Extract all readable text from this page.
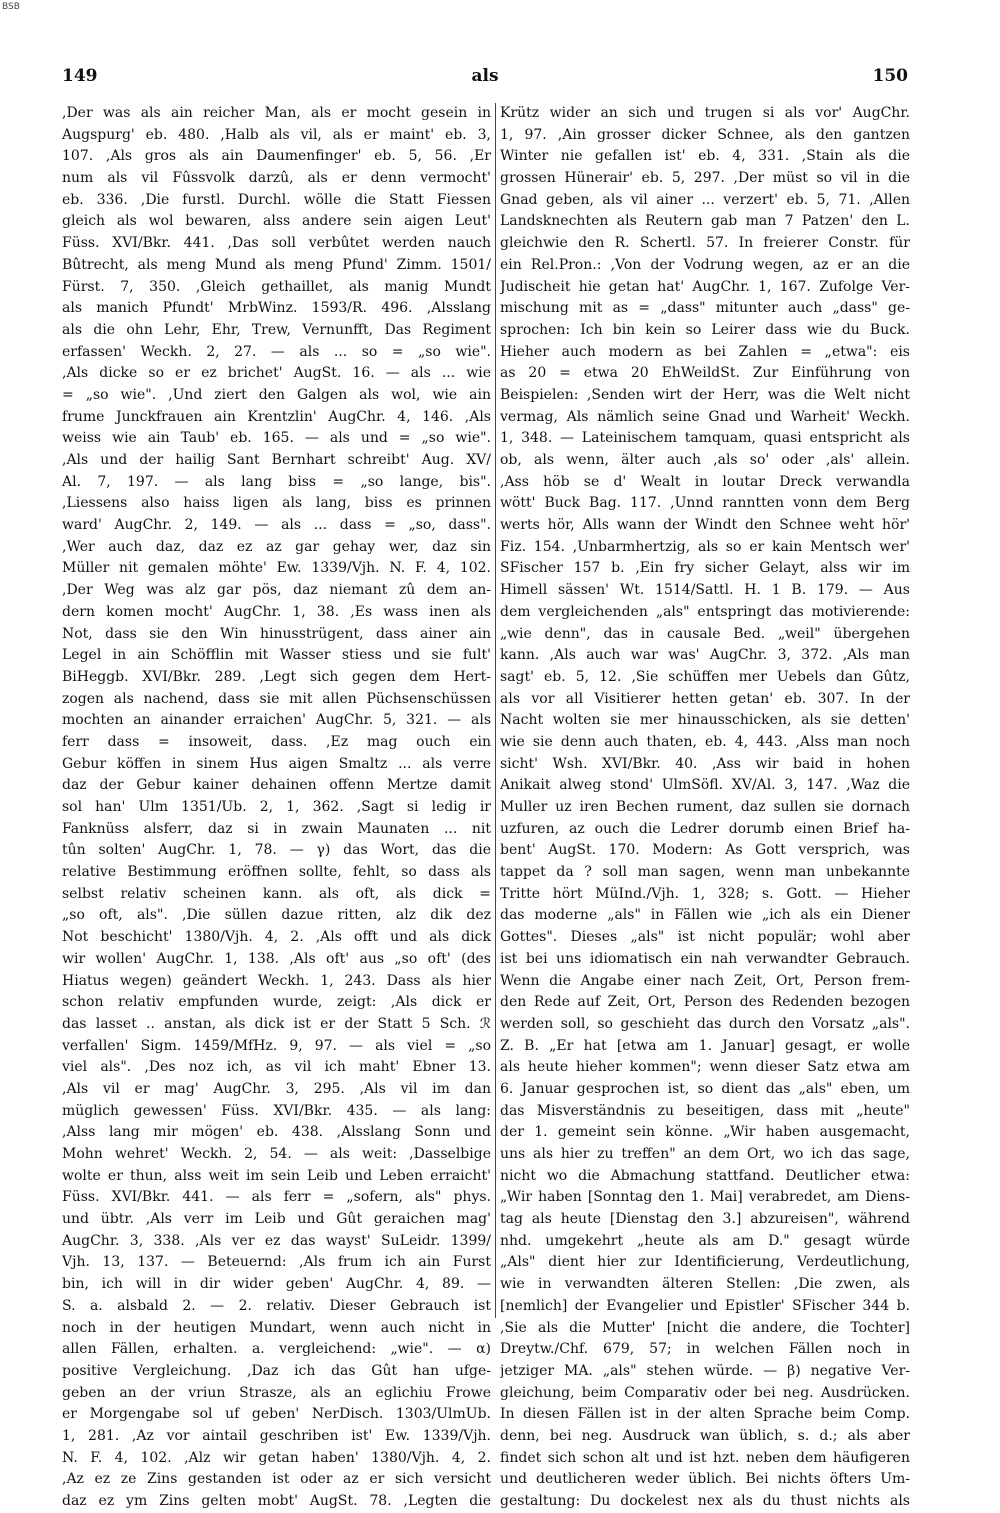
BSB
149	als	150
,Der was als ain reicher Man, als er mocht gesein in
Augspurg' eb. 480. ,Halb als vil, als er maint' eb. 3,
107. ,Als gros als ain Daumenfinger' eb. 5, 56. ,Er
num als vil Fûssvolk darzû, als er denn vermocht'
eb. 336. ,Die furstl. Durchl. wölle die Statt Fiessen
gleich als wol bewaren, alss andere sein aigen Leut'
Füss. XVI/Bkr. 441. ,Das soll verbûtet werden nauch
Bûtrecht, als meng Mund als meng Pfund' Zimm. 1501/
Fürst. 7, 350. ,Gleich gethaillet, als manig Mundt
als manich Pfundt' MrbWinz. 1593/R. 496. ,Alsslang
als die ohn Lehr, Ehr, Trew, Vernunfft, Das Regiment
erfassen' Weckh. 2, 27. — als ... so = „so wie".
,Als dicke so er ez brichet' AugSt. 16. — als ... wie
= „so wie". ,Und ziert den Galgen als wol, wie ain
frume Junckfrauen ain Krentzlin' AugChr. 4, 146. ,Als
weiss wie ain Taub' eb. 165. — als und = „so wie".
,Als und der hailig Sant Bernhart schreibt' Aug. XV/
Al. 7, 197. — als lang biss = „so lange, bis".
,Liessens also haiss ligen als lang, biss es prinnen
ward' AugChr. 2, 149. — als ... dass = „so, dass".
,Wer auch daz, daz ez az gar gehay wer, daz sin
Müller nit gemalen möhte' Ew. 1339/Vjh. N. F. 4, 102.
,Der Weg was alz gar pös, daz niemant zû dem an-
dern komen mocht' AugChr. 1, 38. ,Es wass inen als
Not, dass sie den Win hinusstrügent, dass ainer ain
Legel in ain Schöfflin mit Wasser stiess und sie fult'
BiHeggb. XVI/Bkr. 289. ,Legt sich gegen dem Hert-
zogen als nachend, dass sie mit allen Püchsenschüssen
mochten an ainander erraichen' AugChr. 5, 321. — als
ferr dass = insoweit, dass. ,Ez mag ouch ein
Gebur köffen in sinem Hus aigen Smaltz ... als verre
daz der Gebur kainer dehainen offenn Mertze damit
sol han' Ulm 1351/Ub. 2, 1, 362. ,Sagt si ledig ir
Fanknüss alsferr, daz si in zwain Maunaten ... nit
tûn solten' AugChr. 1, 78. — γ) das Wort, das die
relative Bestimmung eröffnen sollte, fehlt, so dass als
selbst relativ scheinen kann. als oft, als dick =
„so oft, als". ,Die süllen dazue ritten, alz dik dez
Not beschicht' 1380/Vjh. 4, 2. ,Als offt und als dick
wir wollen' AugChr. 1, 138. ,Als oft' aus „so oft' (des
Hiatus wegen) geändert Weckh. 1, 243. Dass als hier
schon relativ empfunden wurde, zeigt: ,Als dick er
das lasset .. anstan, als dick ist er der Statt 5 Sch. ℛ
verfallen' Sigm. 1459/MfHz. 9, 97. — als viel = „so
viel als". ,Des noz ich, as vil ich maht' Ebner 13.
,Als vil er mag' AugChr. 3, 295. ,Als vil im dan
müglich gewessen' Füss. XVI/Bkr. 435. — als lang:
,Alss lang mir mögen' eb. 438. ,Alsslang Sonn und
Mohn wehret' Weckh. 2, 54. — als weit: ,Dasselbige
wolte er thun, alss weit im sein Leib und Leben erraicht'
Füss. XVI/Bkr. 441. — als ferr = „sofern, als" phys.
und übtr. ,Als verr im Leib und Gût geraichen mag'
AugChr. 3, 338. ,Als ver ez das wayst' SuLeidr. 1399/
Vjh. 13, 137. — Beteuernd: ,Als frum ich ain Furst
bin, ich will in dir wider geben' AugChr. 4, 89. —
S. a. alsbald 2. — 2. relativ. Dieser Gebrauch ist
noch in der heutigen Mundart, wenn auch nicht in
allen Fällen, erhalten. a. vergleichend: „wie". — α)
positive Vergleichung. ,Daz ich das Gût han ufge-
geben an der vriun Strasze, als an eglichiu Frowe
er Morgengabe sol uf geben' NerDisch. 1303/UlmUb.
1, 281. ,Az vor aintail geschriben ist' Ew. 1339/Vjh.
N. F. 4, 102. ,Alz wir getan haben' 1380/Vjh. 4, 2.
,Az ez ze Zins gestanden ist oder az er sich versicht
daz ez ym Zins gelten mobt' AugSt. 78. ,Legten die
Krütz wider an sich und trugen si als vor' AugChr.
1, 97. ,Ain grosser dicker Schnee, als den gantzen
Winter nie gefallen ist' eb. 4, 331. ,Stain als die
grossen Hünerair' eb. 5, 297. ,Der müst so vil in die
Gnad geben, als vil ainer ... verzert' eb. 5, 71. ,Allen
Landsknechten als Reutern gab man 7 Patzen' den L.
gleichwie den R. Schertl. 57. In freierer Constr. für
ein Rel.Pron.: ,Von der Vodrung wegen, az er an die
Judischeit hie getan hat' AugChr. 1, 167. Zufolge Ver-
mischung mit as = „dass" mitunter auch „dass" ge-
sprochen: Ich bin kein so Leirer dass wie du Buck.
Hieher auch modern as bei Zahlen = „etwa": eis
as 20 = etwa 20 EhWeildSt. Zur Einführung von
Beispielen: ,Senden wirt der Herr, was die Welt nicht
vermag, Als nämlich seine Gnad und Warheit' Weckh.
1, 348. — Lateinischem tamquam, quasi entspricht als
ob, als wenn, älter auch ,als so' oder ,als' allein.
,Ass höb se d' Wealt in loutar Dreck verwandla
wött' Buck Bag. 117. ,Unnd ranntten vonn dem Berg
werts hör, Alls wann der Windt den Schnee weht hör'
Fiz. 154. ,Unbarmhertzig, als so er kain Mentsch wer'
SFischer 157 b. ,Ein fry sicher Gelayt, alss wir im
Himell sässen' Wt. 1514/Sattl. H. 1 B. 179. — Aus
dem vergleichenden „als" entspringt das motivierende:
„wie denn", das in causale Bed. „weil" übergehen
kann. ,Als auch war was' AugChr. 3, 372. ,Als man
sagt' eb. 5, 12. ,Sie schüffen mer Uebels dan Gûtz,
als vor all Visitierer hetten getan' eb. 307. In der
Nacht wolten sie mer hinausschicken, als sie detten'
wie sie denn auch thaten, eb. 4, 443. ,Alss man noch
sicht' Wsh. XVI/Bkr. 40. ,Ass wir baid in hohen
Anikait alweg stond' UlmSöfl. XV/Al. 3, 147. ,Waz die
Muller uz iren Bechen rument, daz sullen sie dornach
uzfuren, az ouch die Ledrer dorumb einen Brief ha-
bent' AugSt. 170. Modern: As Gott versprich, was
tappet da ? soll man sagen, wenn man unbekannte
Tritte hört MüInd./Vjh. 1, 328; s. Gott. — Hieher
das moderne „als" in Fällen wie „ich als ein Diener
Gottes". Dieses „als" ist nicht populär; wohl aber
ist bei uns idiomatisch ein nah verwandter Gebrauch.
Wenn die Angabe einer nach Zeit, Ort, Person frem-
den Rede auf Zeit, Ort, Person des Redenden bezogen
werden soll, so geschieht das durch den Vorsatz „als".
Z. B. „Er hat [etwa am 1. Januar] gesagt, er wolle
als heute hieher kommen"; wenn dieser Satz etwa am
6. Januar gesprochen ist, so dient das „als" eben, um
das Misverständnis zu beseitigen, dass mit „heute"
der 1. gemeint sein könne. „Wir haben ausgemacht,
uns als hier zu treffen" an dem Ort, wo ich das sage,
nicht wo die Abmachung stattfand. Deutlicher etwa:
„Wir haben [Sonntag den 1. Mai] verabredet, am Diens-
tag als heute [Dienstag den 3.] abzureisen", während
nhd. umgekehrt „heute als am D." gesagt würde
„Als" dient hier zur Identificierung, Verdeutlichung,
wie in verwandten älteren Stellen: ,Die zwen, als
[nemlich] der Evangelier und Epistler' SFischer 344 b.
,Sie als die Mutter' [nicht die andere, die Tochter]
Dreytw./Chf. 679, 57; in welchen Fällen noch in
jetziger MA. „als" stehen würde. — β) negative Ver-
gleichung, beim Comparativ oder bei neg. Ausdrücken.
In diesen Fällen ist in der alten Sprache beim Comp.
denn, bei neg. Ausdruck wan üblich, s. d.; als aber
findet sich schon alt und ist hzt. neben dem häufigeren
und deutlicheren weder üblich. Bei nichts öfters Um-
gestaltung: Du dockelest nex als du thust nichts als
